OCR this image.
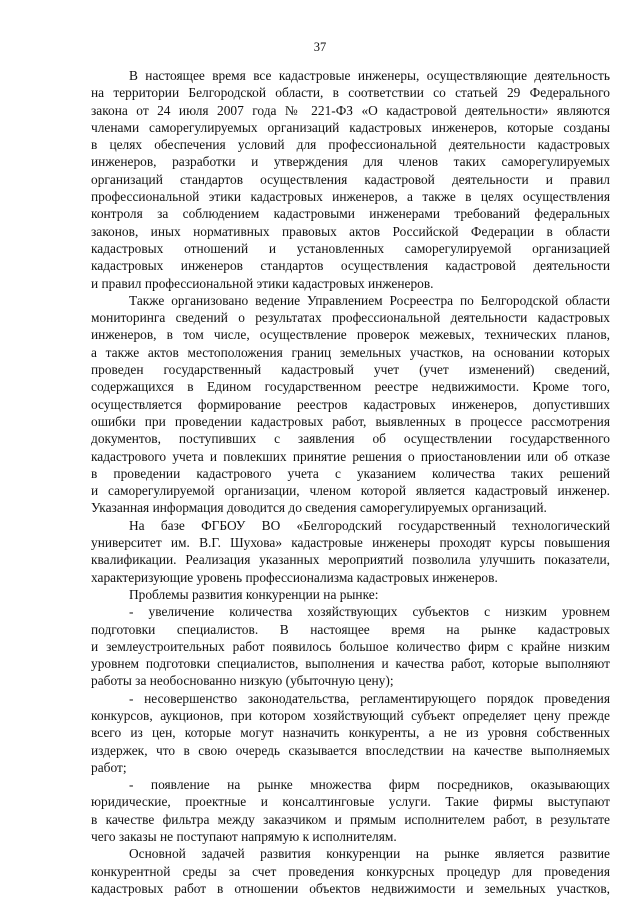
37
В настоящее время все кадастровые инженеры, осуществляющие деятельность
на территории Белгородской области, в соответствии со статьей 29 Федерального
закона от 24 июля 2007 года № 221-ФЗ «О кадастровой деятельности» являются
членами саморегулируемых организаций кадастровых инженеров, которые созданы
в целях обеспечения условий для профессиональной деятельности кадастровых
инженеров, разработки и утверждения для членов таких саморегулируемых
организаций стандартов осуществления кадастровой деятельности и правил
профессиональной этики кадастровых инженеров, а также в целях осуществления
контроля за соблюдением кадастровыми инженерами требований федеральных
законов, иных нормативных правовых актов Российской Федерации в области
кадастровых отношений и установленных саморегулируемой организацией
кадастровых инженеров стандартов осуществления кадастровой деятельности
и правил профессиональной этики кадастровых инженеров.
Также организовано ведение Управлением Росреестра по Белгородской области
мониторинга сведений о результатах профессиональной деятельности кадастровых
инженеров, в том числе, осуществление проверок межевых, технических планов,
а также актов местоположения границ земельных участков, на основании которых
проведен государственный кадастровый учет (учет изменений) сведений,
содержащихся в Едином государственном реестре недвижимости. Кроме того,
осуществляется формирование реестров кадастровых инженеров, допустивших
ошибки при проведении кадастровых работ, выявленных в процессе рассмотрения
документов, поступивших с заявления об осуществлении государственного
кадастрового учета и повлекших принятие решения о приостановлении или об отказе
в проведении кадастрового учета с указанием количества таких решений
и саморегулируемой организации, членом которой является кадастровый инженер.
Указанная информация доводится до сведения саморегулируемых организаций.
На базе ФГБОУ ВО «Белгородский государственный технологический
университет им. В.Г. Шухова» кадастровые инженеры проходят курсы повышения
квалификации. Реализация указанных мероприятий позволила улучшить показатели,
характеризующие уровень профессионализма кадастровых инженеров.
Проблемы развития конкуренции на рынке:
- увеличение количества хозяйствующих субъектов с низким уровнем
подготовки специалистов. В настоящее время на рынке кадастровых
и землеустроительных работ появилось большое количество фирм с крайне низким
уровнем подготовки специалистов, выполнения и качества работ, которые выполняют
работы за необоснованно низкую (убыточную цену);
- несовершенство законодательства, регламентирующего порядок проведения
конкурсов, аукционов, при котором хозяйствующий субъект определяет цену прежде
всего из цен, которые могут назначить конкуренты, а не из уровня собственных
издержек, что в свою очередь сказывается впоследствии на качестве выполняемых
работ;
- появление на рынке множества фирм посредников, оказывающих
юридические, проектные и консалтинговые услуги. Такие фирмы выступают
в качестве фильтра между заказчиком и прямым исполнителем работ, в результате
чего заказы не поступают напрямую к исполнителям.
Основной задачей развития конкуренции на рынке является развитие
конкурентной среды за счет проведения конкурсных процедур для проведения
кадастровых работ в отношении объектов недвижимости и земельных участков,
